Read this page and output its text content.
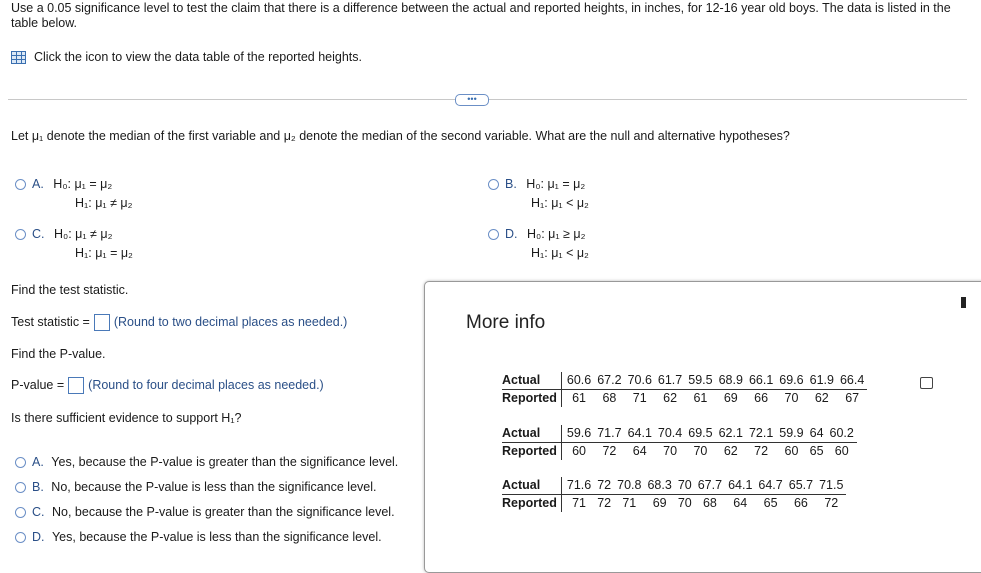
Use a 0.05 significance level to test the claim that there is a difference between the actual and reported heights, in inches, for 12-16 year old boys. The data is listed in the table below.
Click the icon to view the data table of the reported heights.
•••
Let μ₁ denote the median of the first variable and μ₂ denote the median of the second variable. What are the null and alternative hypotheses?
A. H₀: μ₁ = μ₂
H₁: μ₁ ≠ μ₂
B. H₀: μ₁ = μ₂
H₁: μ₁ < μ₂
C. H₀: μ₁ ≠ μ₂
H₁: μ₁ = μ₂
D. H₀: μ₁ ≥ μ₂
H₁: μ₁ < μ₂
Find the test statistic.
Test statistic = (Round to two decimal places as needed.)
Find the P-value.
P-value = (Round to four decimal places as needed.)
Is there sufficient evidence to support H₁?
A. Yes, because the P-value is greater than the significance level.
B. No, because the P-value is less than the significance level.
C. No, because the P-value is greater than the significance level.
D. Yes, because the P-value is less than the significance level.
More info
Actual	60.6	67.2	70.6	61.7	59.5	68.9	66.1	69.6	61.9	66.4
Reported	61	68	71	62	61	69	66	70	62	67
Actual	59.6	71.7	64.1	70.4	69.5	62.1	72.1	59.9	64	60.2
Reported	60	72	64	70	70	62	72	60	65	60
Actual	71.6	72	70.8	68.3	70	67.7	64.1	64.7	65.7	71.5
Reported	71	72	71	69	70	68	64	65	66	72
